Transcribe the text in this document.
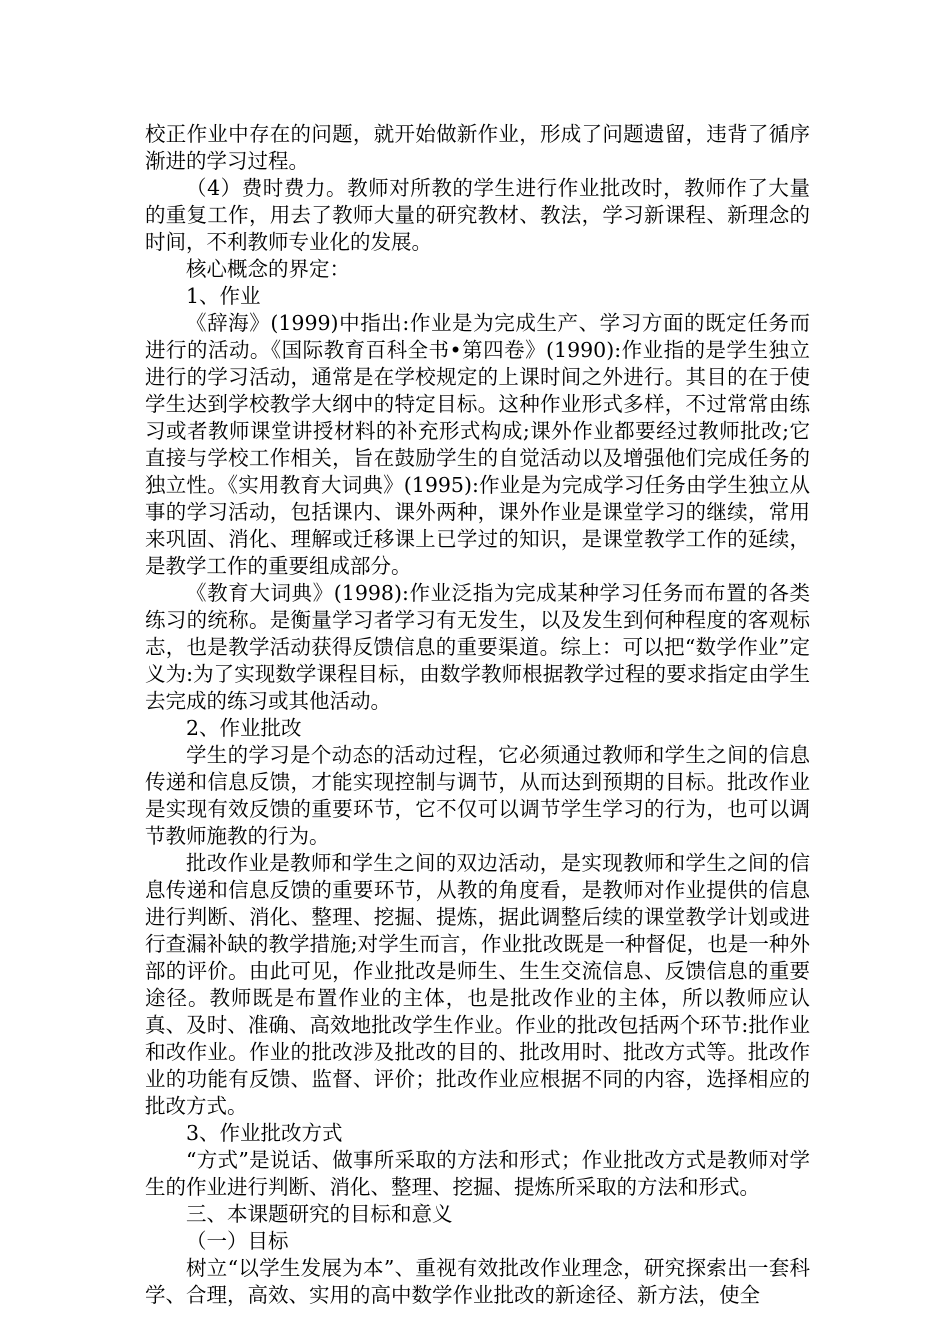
校正作业中存在的问题，就开始做新作业，形成了问题遗留，违背了循序渐进的学习过程。

（4）费时费力。教师对所教的学生进行作业批改时，教师作了大量的重复工作，用去了教师大量的研究教材、教法，学习新课程、新理念的时间，不利教师专业化的发展。

核心概念的界定：

1、作业

《辞海》(1999)中指出:作业是为完成生产、学习方面的既定任务而进行的活动。《国际教育百科全书•第四卷》(1990):作业指的是学生独立进行的学习活动，通常是在学校规定的上课时间之外进行。其目的在于使学生达到学校教学大纲中的特定目标。这种作业形式多样，不过常常由练习或者教师课堂讲授材料的补充形式构成;课外作业都要经过教师批改;它直接与学校工作相关，旨在鼓励学生的自觉活动以及增强他们完成任务的独立性。《实用教育大词典》(1995):作业是为完成学习任务由学生独立从事的学习活动，包括课内、课外两种，课外作业是课堂学习的继续，常用来巩固、消化、理解或迁移课上已学过的知识，是课堂教学工作的延续，是教学工作的重要组成部分。

《教育大词典》(1998):作业泛指为完成某种学习任务而布置的各类练习的统称。是衡量学习者学习有无发生，以及发生到何种程度的客观标志，也是教学活动获得反馈信息的重要渠道。综上：可以把“数学作业”定义为:为了实现数学课程目标，由数学教师根据教学过程的要求指定由学生去完成的练习或其他活动。

2、作业批改

学生的学习是个动态的活动过程，它必须通过教师和学生之间的信息传递和信息反馈，才能实现控制与调节，从而达到预期的目标。批改作业是实现有效反馈的重要环节，它不仅可以调节学生学习的行为，也可以调节教师施教的行为。

批改作业是教师和学生之间的双边活动，是实现教师和学生之间的信息传递和信息反馈的重要环节，从教的角度看，是教师对作业提供的信息进行判断、消化、整理、挖掘、提炼，据此调整后续的课堂教学计划或进行查漏补缺的教学措施;对学生而言，作业批改既是一种督促，也是一种外部的评价。由此可见，作业批改是师生、生生交流信息、反馈信息的重要途径。教师既是布置作业的主体，也是批改作业的主体，所以教师应认真、及时、准确、高效地批改学生作业。作业的批改包括两个环节:批作业和改作业。作业的批改涉及批改的目的、批改用时、批改方式等。批改作业的功能有反馈、监督、评价；批改作业应根据不同的内容，选择相应的批改方式。

3、作业批改方式

“方式”是说话、做事所采取的方法和形式；作业批改方式是教师对学生的作业进行判断、消化、整理、挖掘、提炼所采取的方法和形式。

三、本课题研究的目标和意义

（一）目标

树立“以学生发展为本”、重视有效批改作业理念，研究探索出一套科学、合理，高效、实用的高中数学作业批改的新途径、新方法，使全
